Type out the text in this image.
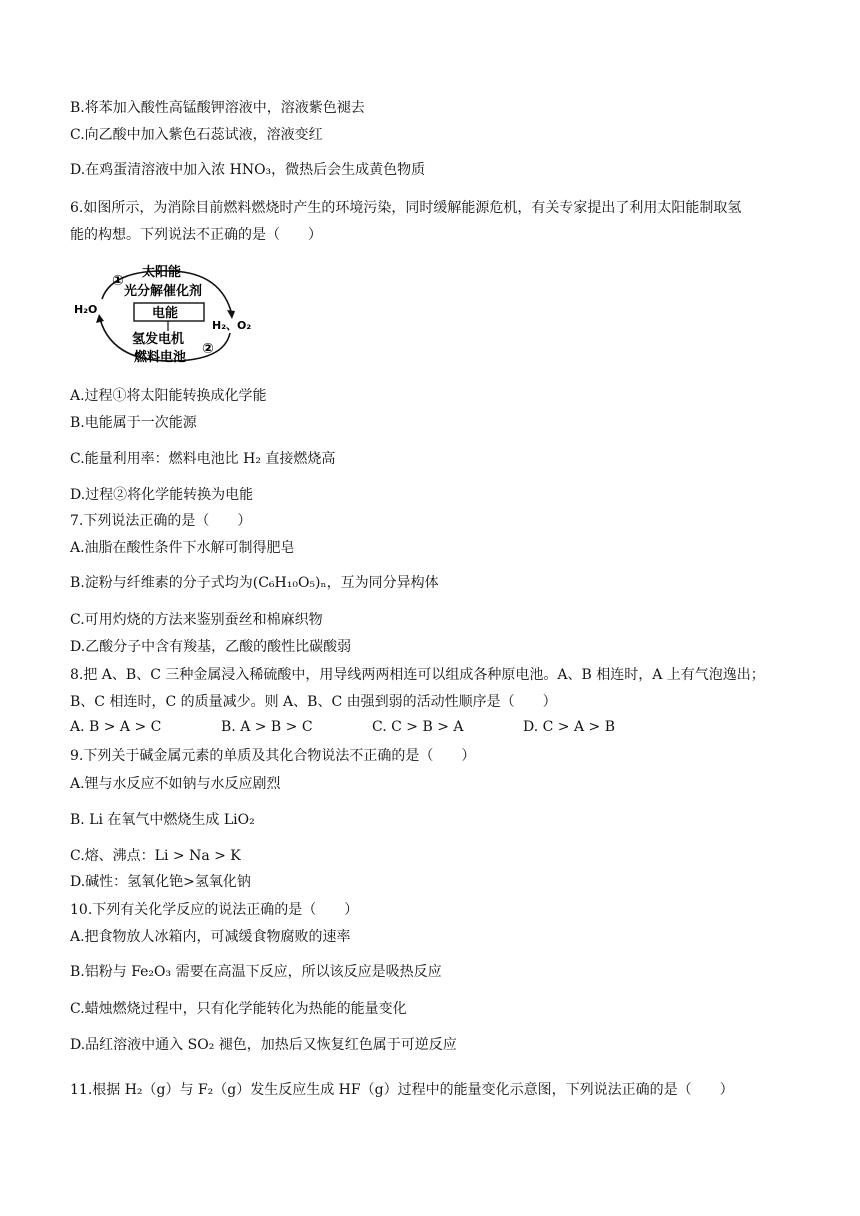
B.将苯加入酸性高锰酸钾溶液中，溶液紫色褪去
C.向乙酸中加入紫色石蕊试液，溶液变红
D.在鸡蛋清溶液中加入浓 HNO₃，微热后会生成黄色物质
6.如图所示，为消除目前燃料燃烧时产生的环境污染，同时缓解能源危机，有关专家提出了利用太阳能制取氢
能的构想。下列说法不正确的是（　　）
①
太阳能
光分解催化剂
H₂O	电能
H₂、O₂
氢发电机
燃料电池
②
A.过程①将太阳能转换成化学能
B.电能属于一次能源
C.能量利用率：燃料电池比 H₂ 直接燃烧高
D.过程②将化学能转换为电能
7.下列说法正确的是（　　）
A.油脂在酸性条件下水解可制得肥皂
B.淀粉与纤维素的分子式均为(C₆H₁₀O₅)ₙ，互为同分异构体
C.可用灼烧的方法来鉴别蚕丝和棉麻织物
D.乙酸分子中含有羧基，乙酸的酸性比碳酸弱
8.把 A、B、C 三种金属浸入稀硫酸中，用导线两两相连可以组成各种原电池。A、B 相连时，A 上有气泡逸出；
B、C 相连时，C 的质量减少。则 A、B、C 由强到弱的活动性顺序是（　　）
A. B > A > C	B. A > B > C	C. C > B > A	D. C > A > B
9.下列关于碱金属元素的单质及其化合物说法不正确的是（　　）
A.锂与水反应不如钠与水反应剧烈
B. Li 在氧气中燃烧生成 LiO₂
C.熔、沸点：Li > Na > K
D.碱性：氢氧化铯>氢氧化钠
10.下列有关化学反应的说法正确的是（　　）
A.把食物放人冰箱内，可减缓食物腐败的速率
B.铝粉与 Fe₂O₃ 需要在高温下反应，所以该反应是吸热反应
C.蜡烛燃烧过程中，只有化学能转化为热能的能量变化
D.品红溶液中通入 SO₂ 褪色，加热后又恢复红色属于可逆反应
11.根据 H₂（g）与 F₂（g）发生反应生成 HF（g）过程中的能量变化示意图，下列说法正确的是（　　）
